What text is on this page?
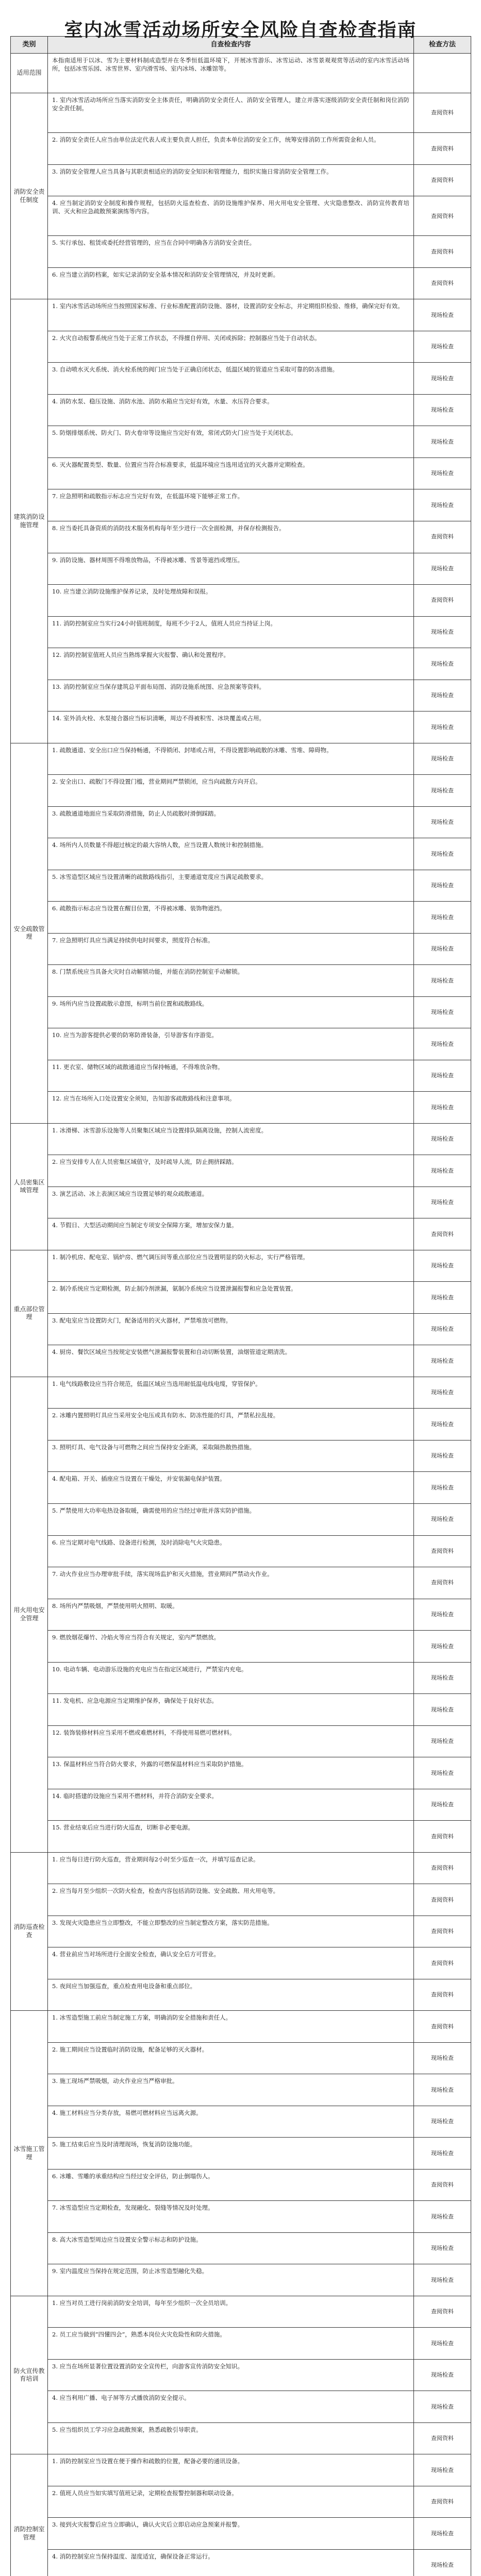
室内冰雪活动场所安全风险自查检查指南
类别	自查检查内容	检查方法
适用范围	本指南适用于以冰、雪为主要材料制成造型并在冬季恒低温环境下，开展冰雪游乐、冰雪运动、冰雪景观观赏等活动的室内冰雪活动场所，包括冰雪乐园、冰雪世界、室内滑雪场、室内冰场、冰雕馆等。	
消防安全责任制度	1. 室内冰雪活动场所应当落实消防安全主体责任，明确消防安全责任人、消防安全管理人，建立并落实逐级消防安全责任制和岗位消防安全责任制。	查阅资料
	2. 消防安全责任人应当由单位法定代表人或主要负责人担任，负责本单位消防安全工作，统筹安排消防工作所需资金和人员。	查阅资料
	3. 消防安全管理人应当具备与其职责相适应的消防安全知识和管理能力，组织实施日常消防安全管理工作。	查阅资料
	4. 应当制定消防安全制度和操作规程，包括防火巡查检查、消防设施维护保养、用火用电安全管理、火灾隐患整改、消防宣传教育培训、灭火和应急疏散预案演练等内容。	查阅资料
	5. 实行承包、租赁或委托经营管理的，应当在合同中明确各方消防安全责任。	查阅资料
	6. 应当建立消防档案，如实记录消防安全基本情况和消防安全管理情况，并及时更新。	查阅资料
建筑消防设施管理	1. 室内冰雪活动场所应当按照国家标准、行业标准配置消防设施、器材，设置消防安全标志，并定期组织检验、维修，确保完好有效。	现场检查
	2. 火灾自动报警系统应当处于正常工作状态，不得擅自停用、关闭或拆除；控制器应当处于自动状态。	现场检查
	3. 自动喷水灭火系统、消火栓系统的阀门应当处于正确启闭状态，低温区域的管道应当采取可靠的防冻措施。	现场检查
	4. 消防水泵、稳压设施、消防水池、消防水箱应当完好有效，水量、水压符合要求。	现场检查
	5. 防烟排烟系统、防火门、防火卷帘等设施应当完好有效，常闭式防火门应当处于关闭状态。	现场检查
	6. 灭火器配置类型、数量、位置应当符合标准要求，低温环境应当选用适宜的灭火器并定期检查。	现场检查
	7. 应急照明和疏散指示标志应当完好有效，在低温环境下能够正常工作。	现场检查
	8. 应当委托具备资质的消防技术服务机构每年至少进行一次全面检测，并保存检测报告。	查阅资料
	9. 消防设施、器材周围不得堆放物品，不得被冰雕、雪景等遮挡或埋压。	现场检查
	10. 应当建立消防设施维护保养记录，及时处理故障和误报。	查阅资料
	11. 消防控制室应当实行24小时值班制度，每班不少于2人，值班人员应当持证上岗。	现场检查
	12. 消防控制室值班人员应当熟练掌握火灾报警、确认和处置程序。	现场检查
	13. 消防控制室应当保存建筑总平面布局图、消防设施系统图、应急预案等资料。	现场检查
	14. 室外消火栓、水泵接合器应当标识清晰，周边不得被积雪、冰块覆盖或占用。	现场检查
安全疏散管理	1. 疏散通道、安全出口应当保持畅通，不得锁闭、封堵或占用，不得设置影响疏散的冰雕、雪堆、障碍物。	现场检查
	2. 安全出口、疏散门不得设置门槛，营业期间严禁锁闭，应当向疏散方向开启。	现场检查
	3. 疏散通道地面应当采取防滑措施，防止人员疏散时滑倒踩踏。	现场检查
	4. 场所内人员数量不得超过核定的最大容纳人数，应当设置人数统计和控制措施。	现场检查
	5. 冰雪造型区域应当设置清晰的疏散路线指引，主要通道宽度应当满足疏散要求。	现场检查
	6. 疏散指示标志应当设置在醒目位置，不得被冰雕、装饰物遮挡。	现场检查
	7. 应急照明灯具应当满足持续供电时间要求，照度符合标准。	现场检查
	8. 门禁系统应当具备火灾时自动解锁功能，并能在消防控制室手动解锁。	现场检查
	9. 场所内应当设置疏散示意图，标明当前位置和疏散路线。	现场检查
	10. 应当为游客提供必要的防寒防滑装备，引导游客有序游览。	现场检查
	11. 更衣室、储物区域的疏散通道应当保持畅通，不得堆放杂物。	现场检查
	12. 应当在场所入口处设置安全须知，告知游客疏散路线和注意事项。	现场检查
人员密集区域管理	1. 冰滑梯、冰雪游乐设施等人员聚集区域应当设置排队隔离设施，控制人流密度。	现场检查
	2. 应当安排专人在人员密集区域值守，及时疏导人流，防止拥挤踩踏。	现场检查
	3. 演艺活动、冰上表演区域应当设置足够的观众疏散通道。	现场检查
	4. 节假日、大型活动期间应当制定专项安全保障方案，增加安保力量。	查阅资料
重点部位管理	1. 制冷机房、配电室、锅炉房、燃气调压间等重点部位应当设置明显的防火标志，实行严格管理。	现场检查
	2. 制冷系统应当定期检测，防止制冷剂泄漏，氨制冷系统应当设置泄漏报警和应急处置装置。	现场检查
	3. 配电室应当设置防火门，配备适用的灭火器材，严禁堆放可燃物。	现场检查
	4. 厨房、餐饮区域应当按规定安装燃气泄漏报警装置和自动切断装置，油烟管道定期清洗。	现场检查
用火用电安全管理	1. 电气线路敷设应当符合规范，低温区域应当选用耐低温电线电缆，穿管保护。	现场检查
	2. 冰雕内置照明灯具应当采用安全电压或具有防水、防冻性能的灯具，严禁私拉乱接。	现场检查
	3. 照明灯具、电气设备与可燃物之间应当保持安全距离，采取隔热散热措施。	现场检查
	4. 配电箱、开关、插座应当设置在干燥处，并安装漏电保护装置。	现场检查
	5. 严禁使用大功率电热设备取暖，确需使用的应当经过审批并落实防护措施。	现场检查
	6. 应当定期对电气线路、设备进行检测，及时消除电气火灾隐患。	查阅资料
	7. 动火作业应当办理审批手续，落实现场监护和灭火措施，营业期间严禁动火作业。	查阅资料
	8. 场所内严禁吸烟，严禁使用明火照明、取暖。	现场检查
	9. 燃放烟花爆竹、冷焰火等应当符合有关规定，室内严禁燃放。	现场检查
	10. 电动车辆、电动游乐设施的充电应当在指定区域进行，严禁室内充电。	现场检查
	11. 发电机、应急电源应当定期维护保养，确保处于良好状态。	现场检查
	12. 装饰装修材料应当采用不燃或难燃材料，不得使用易燃可燃材料。	现场检查
	13. 保温材料应当符合防火要求，外露的可燃保温材料应当采取防护措施。	现场检查
	14. 临时搭建的设施应当采用不燃材料，并符合消防安全要求。	现场检查
	15. 营业结束后应当进行防火巡查，切断非必要电源。	查阅资料
消防巡查检查	1. 应当每日进行防火巡查，营业期间每2小时至少巡查一次，并填写巡查记录。	查阅资料
	2. 应当每月至少组织一次防火检查，检查内容包括消防设施、安全疏散、用火用电等。	查阅资料
	3. 发现火灾隐患应当立即整改，不能立即整改的应当制定整改方案，落实防范措施。	查阅资料
	4. 营业前应当对场所进行全面安全检查，确认安全后方可营业。	查阅资料
	5. 夜间应当加强巡查，重点检查用电设备和重点部位。	查阅资料
冰雪施工管理	1. 冰雪造型施工前应当制定施工方案，明确消防安全措施和责任人。	查阅资料
	2. 施工期间应当设置临时消防设施，配备足够的灭火器材。	现场检查
	3. 施工现场严禁吸烟，动火作业应当严格审批。	现场检查
	4. 施工材料应当分类存放，易燃可燃材料应当远离火源。	现场检查
	5. 施工结束后应当及时清理现场，恢复消防设施功能。	现场检查
	6. 冰雕、雪雕的承重结构应当经过安全评估，防止倒塌伤人。	查阅资料
	7. 冰雪造型应当定期检查，发现融化、裂缝等情况及时处理。	现场检查
	8. 高大冰雪造型周边应当设置安全警示标志和防护设施。	现场检查
	9. 室内温度应当保持在规定范围，防止冰雪造型融化失稳。	现场检查
防火宣传教育培训	1. 应当对员工进行岗前消防安全培训，每年至少组织一次全员培训。	查阅资料
	2. 员工应当做到“四懂四会”，熟悉本岗位火灾危险性和防火措施。	现场检查
	3. 应当在场所显著位置设置消防安全宣传栏，向游客宣传消防安全知识。	现场检查
	4. 应当利用广播、电子屏等方式播放消防安全提示。	现场检查
	5. 应当组织员工学习应急疏散预案，熟悉疏散引导职责。	查阅资料
消防控制室管理	1. 消防控制室应当设置在便于操作和疏散的位置，配备必要的通讯设备。	现场检查
	2. 值班人员应当如实填写值班记录，定期检查报警控制器和联动设备。	查阅资料
	3. 接到火灾报警后应当立即确认，确认火灾后立即启动应急预案并报警。	现场检查
	4. 消防控制室应当保持温度、湿度适宜，确保设备正常运行。	现场检查
